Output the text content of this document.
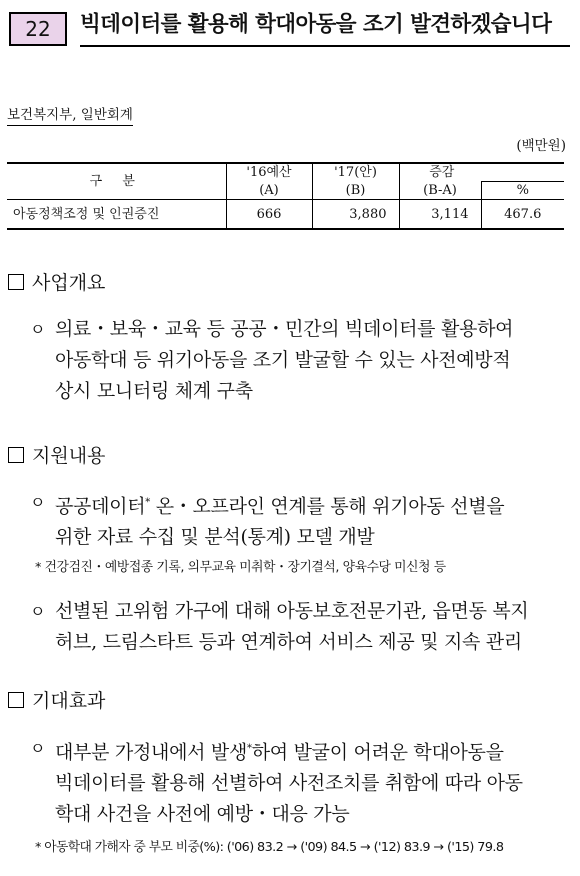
22	빅데이터를 활용해 학대아동을 조기 발견하겠습니다
보건복지부, 일반회계
(백만원)
구 분	'16예산	'17(안)	증감	
	(A)	(B)	(B-A)	%
아동정책조정 및 인권증진	666	3,880	3,114	467.6
사업개요
ㅇ 의료・보육・교육 등 공공・민간의 빅데이터를 활용하여
아동학대 등 위기아동을 조기 발굴할 수 있는 사전예방적
상시 모니터링 체계 구축
지원내용
ㅇ 공공데이터* 온・오프라인 연계를 통해 위기아동 선별을
위한 자료 수집 및 분석(통계) 모델 개발
* 건강검진・예방접종 기록, 의무교육 미취학・장기결석, 양육수당 미신청 등
ㅇ 선별된 고위험 가구에 대해 아동보호전문기관, 읍면동 복지
허브, 드림스타트 등과 연계하여 서비스 제공 및 지속 관리
기대효과
ㅇ 대부분 가정내에서 발생*하여 발굴이 어려운 학대아동을
빅데이터를 활용해 선별하여 사전조치를 취함에 따라 아동
학대 사건을 사전에 예방・대응 가능
* 아동학대 가해자 중 부모 비중(%): ('06) 83.2 → ('09) 84.5 → ('12) 83.9 → ('15) 79.8
